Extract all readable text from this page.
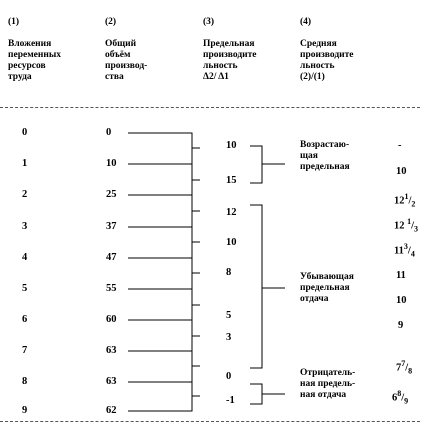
(1)

Вложения
переменных
ресурсов
труда

(2)

Общий
объём
производ-
ства

(3)

Предельная
производите
льность
Δ2/ Δ1

(4)

Средняя
производите
льность
(2)/(1)

0
1
2
3
4
5
6
7
8
9
0
10
25
37
47
55
60
63
63
62
10
15
12
10
8
5
3
0
-1
-
10
$12^1/_2$
12 $^1/_3$
$11^3/_4$
11
10
9
$7^7/_8$
$6^8/_9$
Возрастаю-
щая
предельная
Убывающая
предельная
отдача
Отрицатель-
ная предель-
ная отдача
